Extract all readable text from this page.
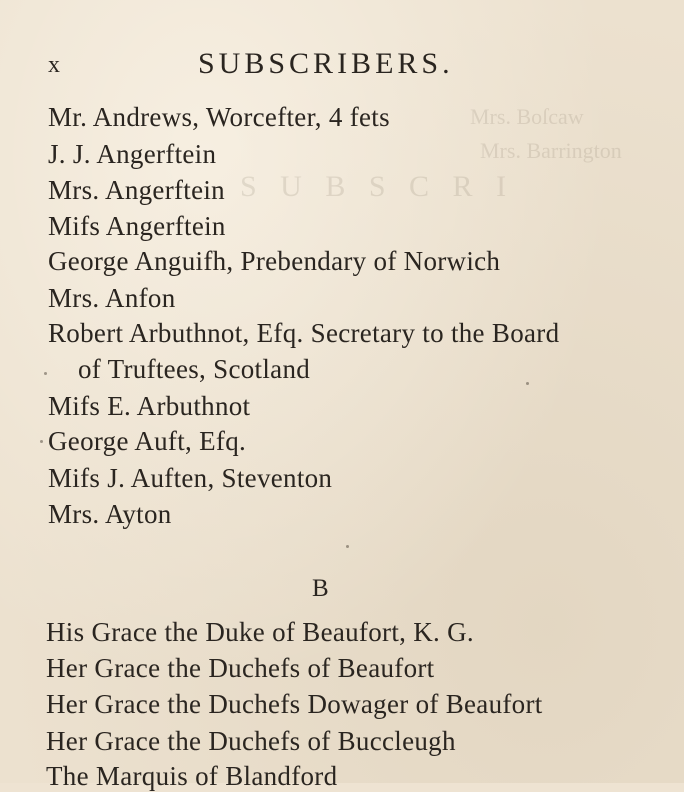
S U B S C R I
Mrs. Boſcaw
Mrs. Barrington
x	SUBSCRIBERS.
Mr. Andrews, Worcefter, 4 fets
J. J. Angerftein
Mrs. Angerftein
Mifs Angerftein
George Anguifh, Prebendary of Norwich
Mrs. Anfon
Robert Arbuthnot, Efq. Secretary to the Board
of Truftees, Scotland
Mifs E. Arbuthnot
George Auft, Efq.
Mifs J. Auften, Steventon
Mrs. Ayton
B
His Grace the Duke of Beaufort, K. G.
Her Grace the Duchefs of Beaufort
Her Grace the Duchefs Dowager of Beaufort
Her Grace the Duchefs of Buccleugh
The Marquis of Blandford
